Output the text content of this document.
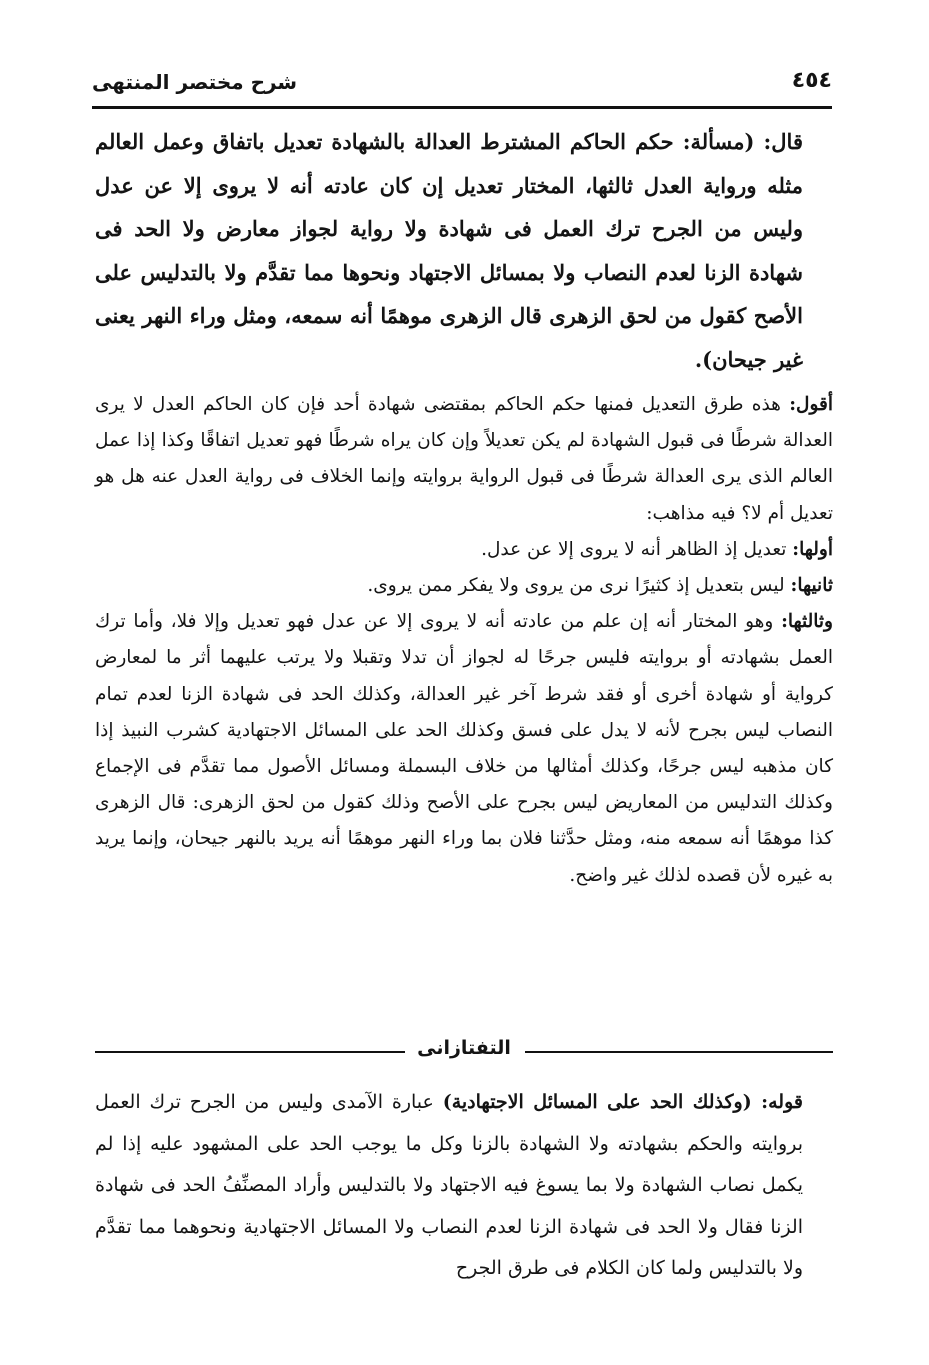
شرح مختصر المنتهى	٤٥٤

قال: (مسألة: حكم الحاكم المشترط العدالة بالشهادة تعديل باتفاق وعمل العالم مثله ورواية العدل ثالثها، المختار تعديل إن كان عادته أنه لا يروى إلا عن عدل وليس من الجرح ترك العمل فى شهادة ولا رواية لجواز معارض ولا الحد فى شهادة الزنا لعدم النصاب ولا بمسائل الاجتهاد ونحوها مما تقدَّم ولا بالتدليس على الأصح كقول من لحق الزهرى قال الزهرى موهمًا أنه سمعه، ومثل وراء النهر يعنى غير جيحان).

أقول: هذه طرق التعديل فمنها حكم الحاكم بمقتضى شهادة أحد فإن كان الحاكم العدل لا يرى العدالة شرطًا فى قبول الشهادة لم يكن تعديلاً وإن كان يراه شرطًا فهو تعديل اتفاقًا وكذا إذا عمل العالم الذى يرى العدالة شرطًا فى قبول الرواية بروايته وإنما الخلاف فى رواية العدل عنه هل هو تعديل أم لا؟ فيه مذاهب:

أولها: تعديل إذ الظاهر أنه لا يروى إلا عن عدل.

ثانيها: ليس بتعديل إذ كثيرًا نرى من يروى ولا يفكر ممن يروى.

وثالثها: وهو المختار أنه إن علم من عادته أنه لا يروى إلا عن عدل فهو تعديل وإلا فلا، وأما ترك العمل بشهادته أو بروايته فليس جرحًا له لجواز أن تدلا وتقبلا ولا يرتب عليهما أثر ما لمعارض كرواية أو شهادة أخرى أو فقد شرط آخر غير العدالة، وكذلك الحد فى شهادة الزنا لعدم تمام النصاب ليس بجرح لأنه لا يدل على فسق وكذلك الحد على المسائل الاجتهادية كشرب النبيذ إذا كان مذهبه ليس جرحًا، وكذلك أمثالها من خلاف البسملة ومسائل الأصول مما تقدَّم فى الإجماع وكذلك التدليس من المعاريض ليس بجرح على الأصح وذلك كقول من لحق الزهرى: قال الزهرى كذا موهمًا أنه سمعه منه، ومثل حدَّثنا فلان بما وراء النهر موهمًا أنه يريد بالنهر جيحان، وإنما يريد به غيره لأن قصده لذلك غير واضح.

التفتازانى

قوله: (وكذلك الحد على المسائل الاجتهادية) عبارة الآمدى وليس من الجرح ترك العمل بروايته والحكم بشهادته ولا الشهادة بالزنا وكل ما يوجب الحد على المشهود عليه إذا لم يكمل نصاب الشهادة ولا بما يسوغ فيه الاجتهاد ولا بالتدليس وأراد المصنِّفُ الحد فى شهادة الزنا فقال ولا الحد فى شهادة الزنا لعدم النصاب ولا المسائل الاجتهادية ونحوهما مما تقدَّم ولا بالتدليس ولما كان الكلام فى طرق الجرح
